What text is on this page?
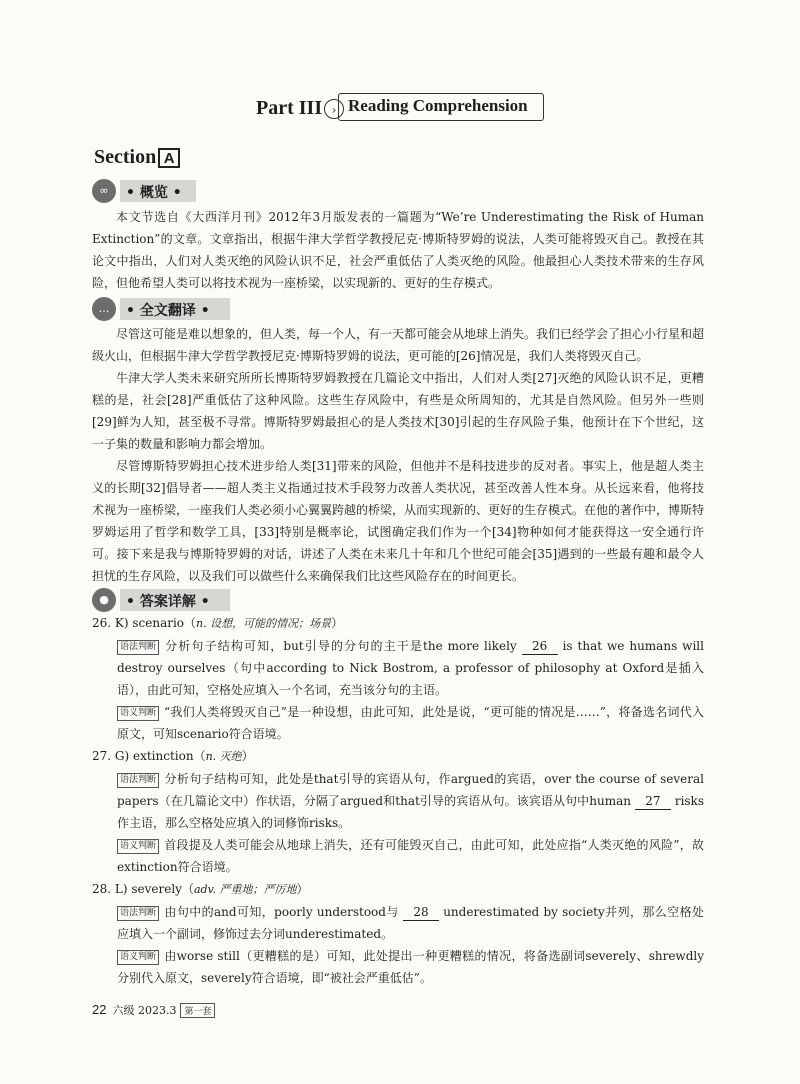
Part III › Reading Comprehension
Section A
∞	• 概览 •

本文节选自《大西洋月刊》2012年3月版发表的一篇题为“We’re Underestimating the Risk of Human Extinction”的文章。文章指出，根据牛津大学哲学教授尼克·博斯特罗姆的说法，人类可能将毁灭自己。教授在其论文中指出，人们对人类灭绝的风险认识不足，社会严重低估了人类灭绝的风险。他最担心人类技术带来的生存风险，但他希望人类可以将技术视为一座桥梁，以实现新的、更好的生存模式。

…	• 全文翻译 •

尽管这可能是难以想象的，但人类，每一个人，有一天都可能会从地球上消失。我们已经学会了担心小行星和超级火山，但根据牛津大学哲学教授尼克·博斯特罗姆的说法，更可能的[26]情况是，我们人类将毁灭自己。

牛津大学人类未来研究所所长博斯特罗姆教授在几篇论文中指出，人们对人类[27]灭绝的风险认识不足，更糟糕的是，社会[28]严重低估了这种风险。这些生存风险中，有些是众所周知的，尤其是自然风险。但另外一些则[29]鲜为人知，甚至极不寻常。博斯特罗姆最担心的是人类技术[30]引起的生存风险子集，他预计在下个世纪，这一子集的数量和影响力都会增加。

尽管博斯特罗姆担心技术进步给人类[31]带来的风险，但他并不是科技进步的反对者。事实上，他是超人类主义的长期[32]倡导者——超人类主义指通过技术手段努力改善人类状况，甚至改善人性本身。从长远来看，他将技术视为一座桥梁，一座我们人类必须小心翼翼跨越的桥梁，从而实现新的、更好的生存模式。在他的著作中，博斯特罗姆运用了哲学和数学工具，[33]特别是概率论，试图确定我们作为一个[34]物种如何才能获得这一安全通行许可。接下来是我与博斯特罗姆的对话，讲述了人类在未来几十年和几个世纪可能会[35]遇到的一些最有趣和最令人担忧的生存风险，以及我们可以做些什么来确保我们比这些风险存在的时间更长。

●	• 答案详解 •

26. K) scenario（n. 设想，可能的情况；场景）

语法判断 分析句子结构可知，but引导的分句的主干是the more likely 26 is that we humans will destroy ourselves（句中according to Nick Bostrom, a professor of philosophy at Oxford是插入语），由此可知，空格处应填入一个名词，充当该分句的主语。

语义判断 “我们人类将毁灭自己”是一种设想，由此可知，此处是说，“更可能的情况是……”，将备选名词代入原文，可知scenario符合语境。

27. G) extinction（n. 灭绝）

语法判断 分析句子结构可知，此处是that引导的宾语从句，作argued的宾语，over the course of several papers（在几篇论文中）作状语，分隔了argued和that引导的宾语从句。该宾语从句中human 27 risks作主语，那么空格处应填入的词修饰risks。

语义判断 首段提及人类可能会从地球上消失，还有可能毁灭自己，由此可知，此处应指“人类灭绝的风险”，故extinction符合语境。

28. L) severely（adv. 严重地；严厉地）

语法判断 由句中的and可知，poorly understood与 28 underestimated by society并列，那么空格处应填入一个副词，修饰过去分词underestimated。

语义判断 由worse still（更糟糕的是）可知，此处提出一种更糟糕的情况，将备选副词severely、shrewdly分别代入原文，severely符合语境，即“被社会严重低估”。

22 六级 2023.3 第一套
